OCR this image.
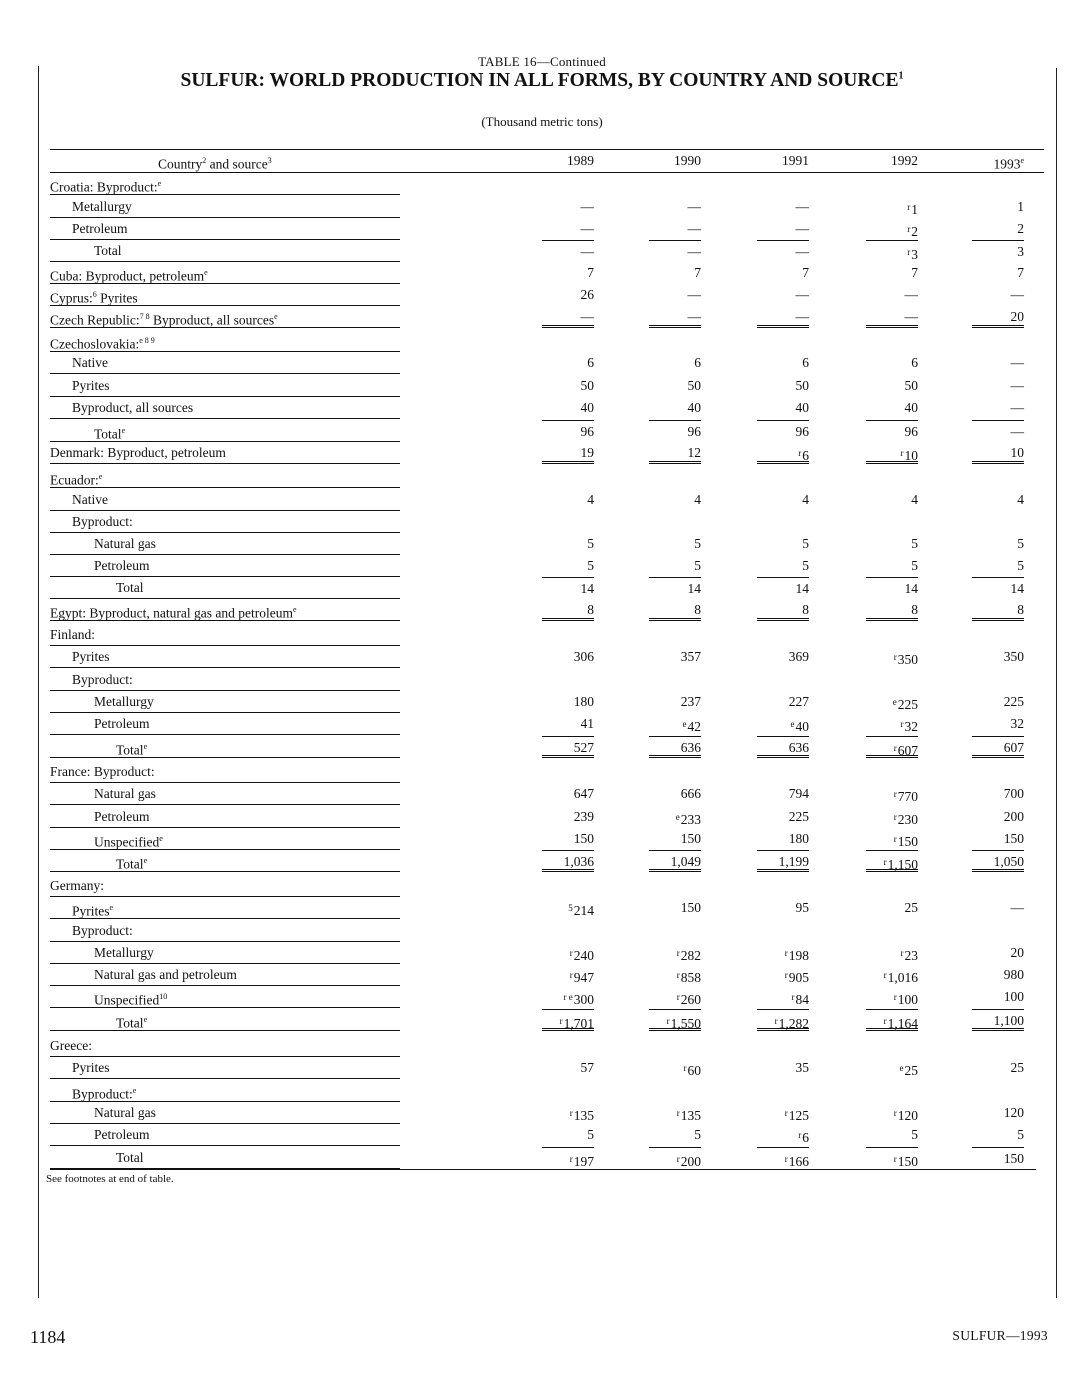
TABLE 16—Continued
SULFUR: WORLD PRODUCTION IN ALL FORMS, BY COUNTRY AND SOURCE$^1$
(Thousand metric tons)
Country$^2$ and source$^3$	1989	1990	1991	1992	1993e
Croatia: Byproduct:$^e$
Metallurgy	—	—	—	$^r$1	1
Petroleum	—	—	—	$^r$2	2
Total	—	—	—	$^r$3	3
Cuba: Byproduct, petroleum$^e$	7	7	7	7	7
Cyprus:$^6$ Pyrites	26	—	—	—	—
Czech Republic:$^{7 8}$ Byproduct, all sources$^e$	—	—	—	—	20
Czechoslovakia:$^{e 8 9}$
Native	6	6	6	6	—
Pyrites	50	50	50	50	—
Byproduct, all sources	40	40	40	40	—
Total$^e$	96	96	96	96	—
Denmark: Byproduct, petroleum	19	12	$^r$6	$^r$10	10
Ecuador:$^e$
Native	4	4	4	4	4
Byproduct:
Natural gas	5	5	5	5	5
Petroleum	5	5	5	5	5
Total	14	14	14	14	14
Egypt: Byproduct, natural gas and petroleum$^e$	8	8	8	8	8
Finland:
Pyrites	306	357	369	$^r$350	350
Byproduct:
Metallurgy	180	237	227	$^e$225	225
Petroleum	41	$^e$42	$^e$40	$^r$32	32
Total$^e$	527	636	636	$^r$607	607
France: Byproduct:
Natural gas	647	666	794	$^r$770	700
Petroleum	239	$^e$233	225	$^r$230	200
Unspecified$^e$	150	150	180	$^r$150	150
Total$^e$	1,036	1,049	1,199	$^r$1,150	1,050
Germany:
Pyrites$^e$	$^5$214	150	95	25	—
Byproduct:
Metallurgy	$^r$240	$^r$282	$^r$198	$^r$23	20
Natural gas and petroleum	$^r$947	$^r$858	$^r$905	$^r$1,016	980
Unspecified$^{10}$	$^{r e}$300	$^r$260	$^r$84	$^r$100	100
Total$^e$	$^r$1,701	$^r$1,550	$^r$1,282	$^r$1,164	1,100
Greece:
Pyrites	57	$^r$60	35	$^e$25	25
Byproduct:$^e$
Natural gas	$^r$135	$^r$135	$^r$125	$^r$120	120
Petroleum	5	5	$^r$6	5	5
Total	$^r$197	$^r$200	$^r$166	$^r$150	150
See footnotes at end of table.
1184	SULFUR—1993
